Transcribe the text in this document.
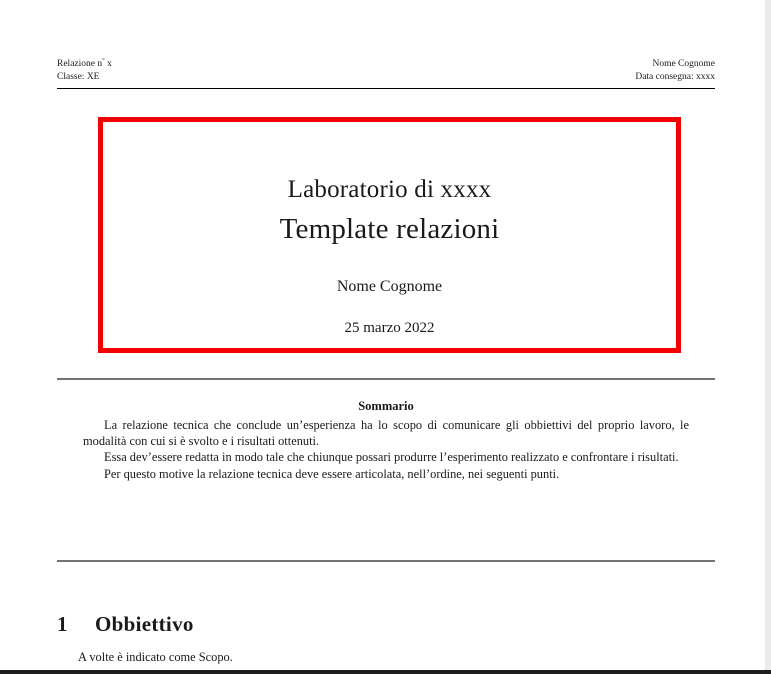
Relazione n° x	Nome Cognome
Classe: XE	Data consegna: xxxx
Laboratorio di xxxx
Template relazioni
Nome Cognome
25 marzo 2022
Sommario

La relazione tecnica che conclude un’esperienza ha lo scopo di comunicare gli obbiettivi del proprio lavoro, le modalità con cui si è svolto e i risultati ottenuti.

Essa dev’essere redatta in modo tale che chiunque possari produrre l’esperimento realizzato e confrontare i risultati.

Per questo motive la relazione tecnica deve essere articolata, nell’ordine, nei seguenti punti.

1	Obbiettivo
A volte è indicato come Scopo.
